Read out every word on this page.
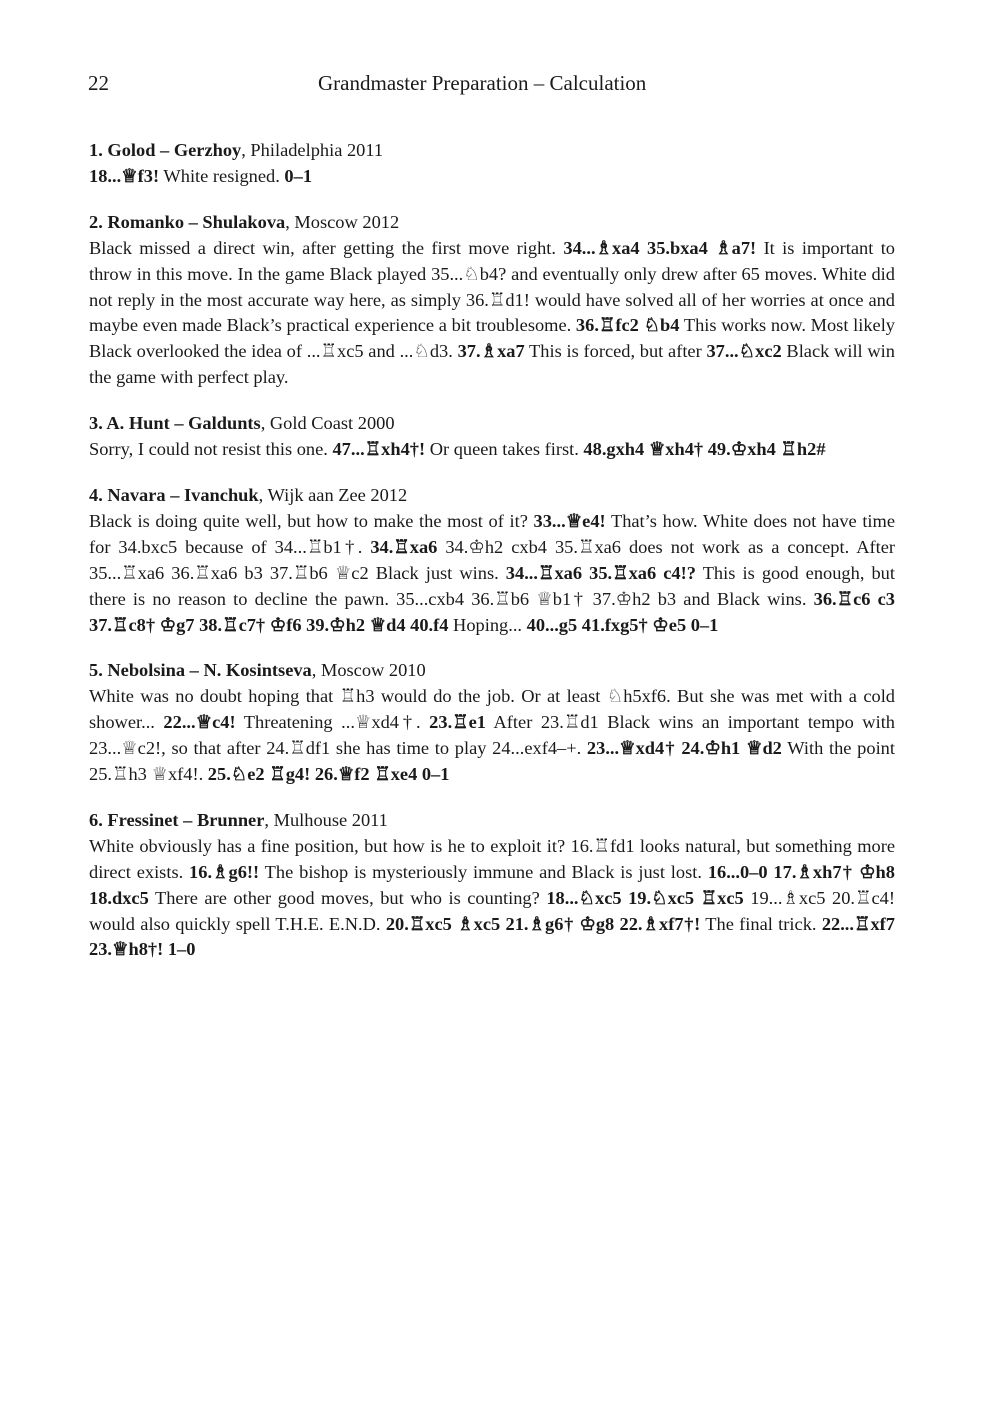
22	Grandmaster Preparation – Calculation
1. Golod – Gerzhoy, Philadelphia 2011
18...♕f3! White resigned. 0–1
2. Romanko – Shulakova, Moscow 2012
Black missed a direct win, after getting the first move right. 34...♗xa4 35.bxa4 ♗a7! It is important to throw in this move. In the game Black played 35...♘b4? and eventually only drew after 65 moves. White did not reply in the most accurate way here, as simply 36.♖d1! would have solved all of her worries at once and maybe even made Black’s practical experience a bit troublesome. 36.♖fc2 ♘b4 This works now. Most likely Black overlooked the idea of ...♖xc5 and ...♘d3. 37.♗xa7 This is forced, but after 37...♘xc2 Black will win the game with perfect play.
3. A. Hunt – Galdunts, Gold Coast 2000
Sorry, I could not resist this one. 47...♖xh4†! Or queen takes first. 48.gxh4 ♕xh4† 49.♔xh4 ♖h2#
4. Navara – Ivanchuk, Wijk aan Zee 2012
Black is doing quite well, but how to make the most of it? 33...♕e4! That’s how. White does not have time for 34.bxc5 because of 34...♖b1†. 34.♖xa6 34.♔h2 cxb4 35.♖xa6 does not work as a concept. After 35...♖xa6 36.♖xa6 b3 37.♖b6 ♕c2 Black just wins. 34...♖xa6 35.♖xa6 c4!? This is good enough, but there is no reason to decline the pawn. 35...cxb4 36.♖b6 ♕b1† 37.♔h2 b3 and Black wins. 36.♖c6 c3 37.♖c8† ♔g7 38.♖c7† ♔f6 39.♔h2 ♕d4 40.f4 Hoping... 40...g5 41.fxg5† ♔e5 0–1
5. Nebolsina – N. Kosintseva, Moscow 2010
White was no doubt hoping that ♖h3 would do the job. Or at least ♘h5xf6. But she was met with a cold shower... 22...♕c4! Threatening ...♕xd4†. 23.♖e1 After 23.♖d1 Black wins an important tempo with 23...♕c2!, so that after 24.♖df1 she has time to play 24...exf4–+. 23...♕xd4† 24.♔h1 ♕d2 With the point 25.♖h3 ♕xf4!. 25.♘e2 ♖g4! 26.♕f2 ♖xe4 0–1
6. Fressinet – Brunner, Mulhouse 2011
White obviously has a fine position, but how is he to exploit it? 16.♖fd1 looks natural, but something more direct exists. 16.♗g6!! The bishop is mysteriously immune and Black is just lost. 16...0–0 17.♗xh7† ♔h8 18.dxc5 There are other good moves, but who is counting? 18...♘xc5 19.♘xc5 ♖xc5 19...♗xc5 20.♖c4! would also quickly spell T.H.E. E.N.D. 20.♖xc5 ♗xc5 21.♗g6† ♔g8 22.♗xf7†! The final trick. 22...♖xf7 23.♕h8†! 1–0
